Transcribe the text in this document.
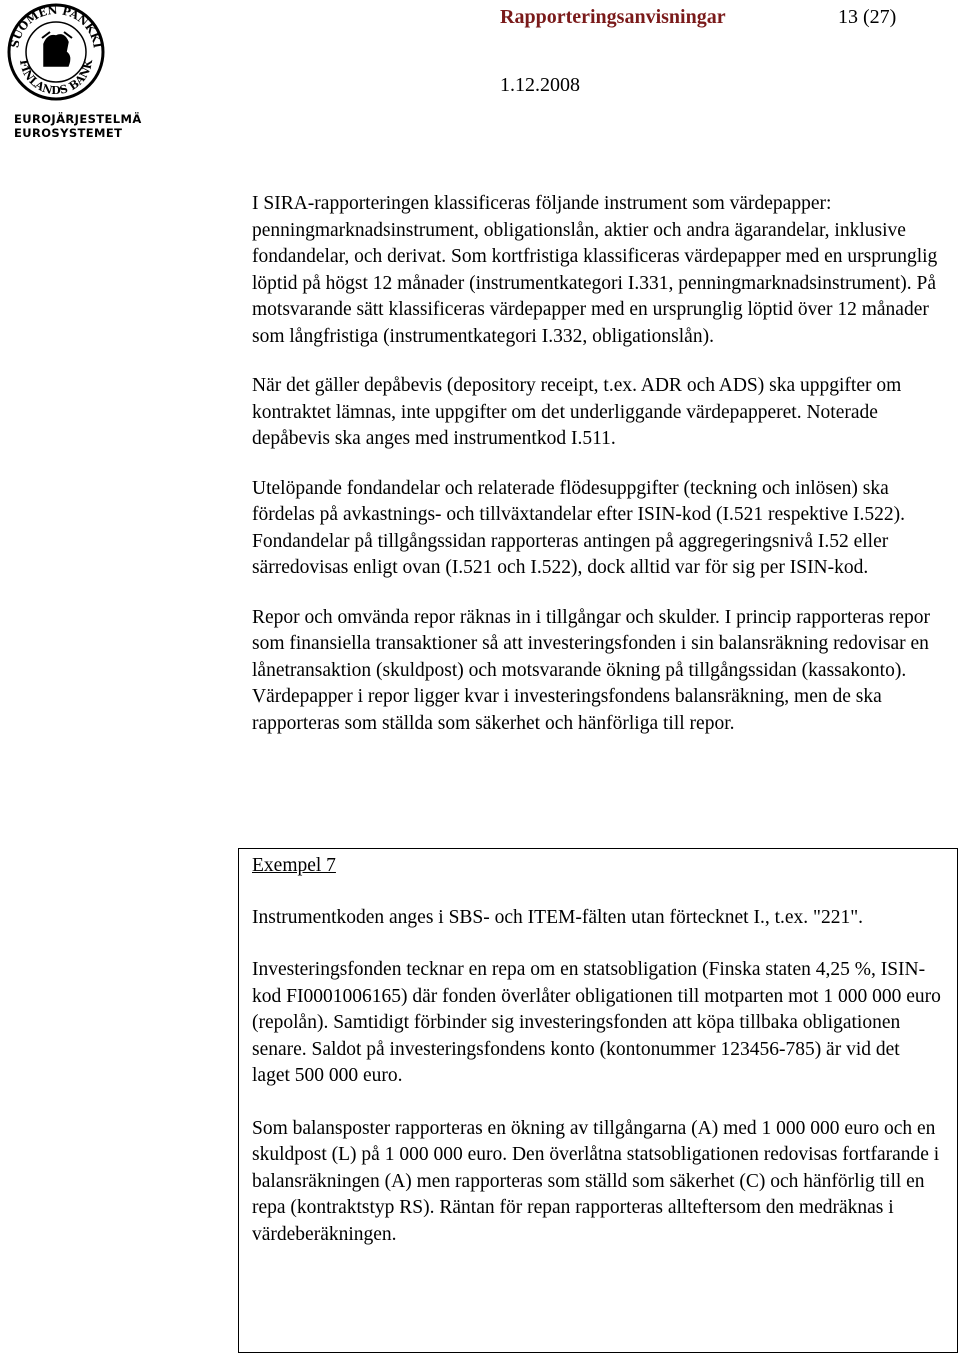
SUOMEN PANKKI
FINLANDS BANK
EUROJÄRJESTELMÄ
EUROSYSTEMET
Rapporteringsanvisningar	13 (27)
1.12.2008

I SIRA-rapporteringen klassificeras följande instrument som värdepapper: penningmarknadsinstrument, obligationslån, aktier och andra ägarandelar, inklusive fondandelar, och derivat. Som kortfristiga klassificeras värdepapper med en ursprunglig löptid på högst 12 månader (instrumentkategori I.331, penningmarknadsinstrument). På motsvarande sätt klassificeras värdepapper med en ursprunglig löptid över 12 månader som långfristiga (instrumentkategori I.332, obligationslån).

När det gäller depåbevis (depository receipt, t.ex. ADR och ADS) ska uppgifter om kontraktet lämnas, inte uppgifter om det underliggande värdepapperet. Noterade depåbevis ska anges med instrumentkod I.511.

Utelöpande fondandelar och relaterade flödesuppgifter (teckning och inlösen) ska fördelas på avkastnings- och tillväxtandelar efter ISIN-kod (I.521 respektive I.522). Fondandelar på tillgångssidan rapporteras antingen på aggregeringsnivå I.52 eller särredovisas enligt ovan (I.521 och I.522), dock alltid var för sig per ISIN-kod.

Repor och omvända repor räknas in i tillgångar och skulder. I princip rapporteras repor som finansiella transaktioner så att investeringsfonden i sin balansräkning redovisar en lånetransaktion (skuldpost) och motsvarande ökning på tillgångssidan (kassakonto). Värdepapper i repor ligger kvar i investeringsfondens balansräkning, men de ska rapporteras som ställda som säkerhet och hänförliga till repor.

Exempel 7

Instrumentkoden anges i SBS- och ITEM-fälten utan förtecknet I., t.ex. "221".

Investeringsfonden tecknar en repa om en statsobligation (Finska staten 4,25 %, ISIN-kod FI0001006165) där fonden överlåter obligationen till motparten mot 1 000 000 euro (repolån). Samtidigt förbinder sig investeringsfonden att köpa tillbaka obligationen senare. Saldot på investeringsfondens konto (kontonummer 123456-785) är vid det laget 500 000 euro.

Som balansposter rapporteras en ökning av tillgångarna (A) med 1 000 000 euro och en skuldpost (L) på 1 000 000 euro. Den överlåtna statsobligationen redovisas fortfarande i balansräkningen (A) men rapporteras som ställd som säkerhet (C) och hänförlig till en repa (kontraktstyp RS). Räntan för repan rapporteras allteftersom den medräknas i värdeberäkningen.
